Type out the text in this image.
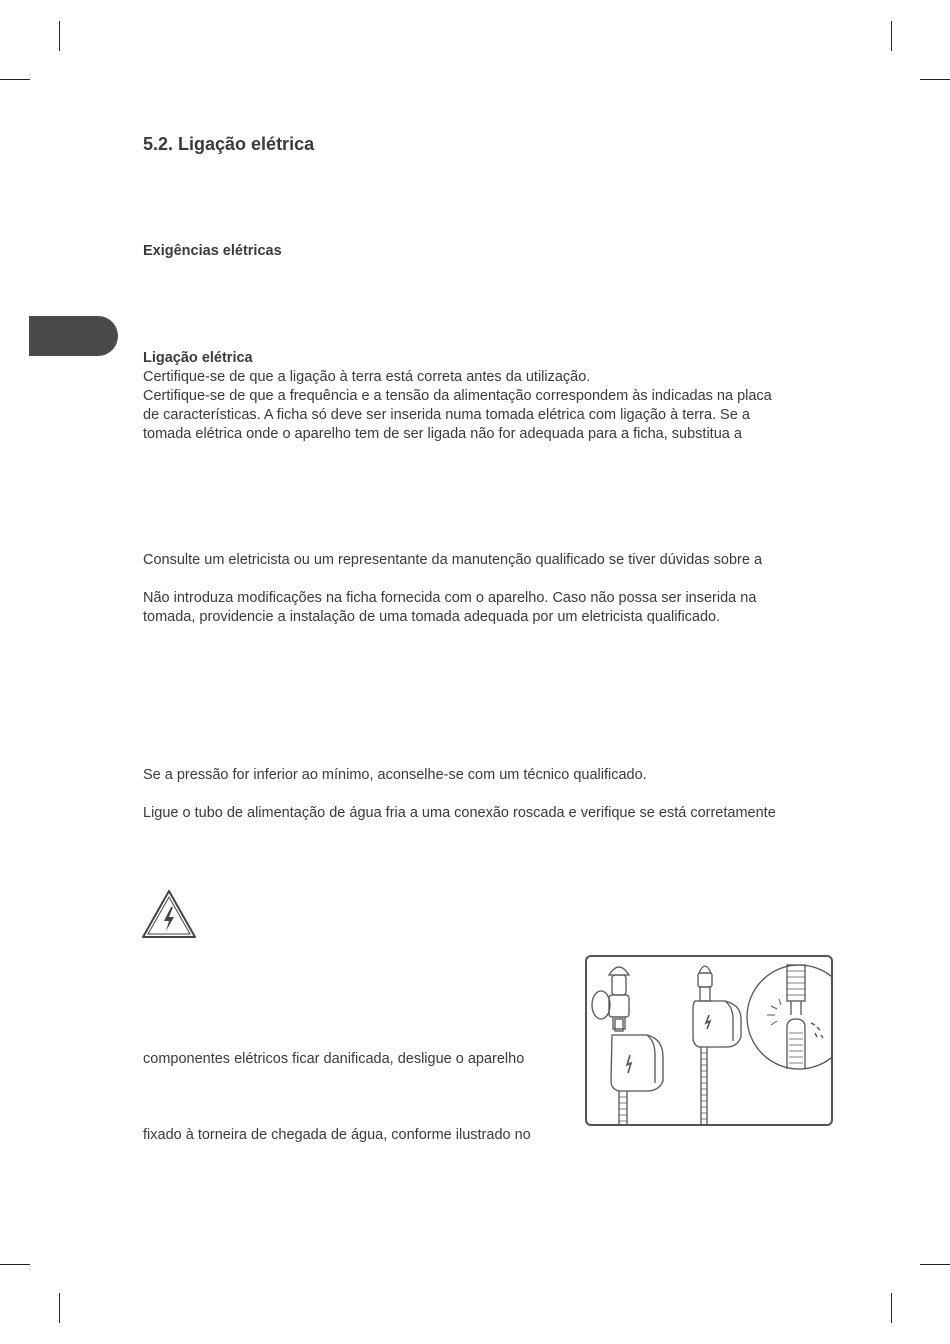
5.2. Ligação elétrica
Exigências elétricas
Ligação elétrica
Certifique-se de que a ligação à terra está correta antes da utilização.
Certifique-se de que a frequência e a tensão da alimentação correspondem às indicadas na placa
de características. A ficha só deve ser inserida numa tomada elétrica com ligação à terra. Se a
tomada elétrica onde o aparelho tem de ser ligada não for adequada para a ficha, substitua a
Consulte um eletricista ou um representante da manutenção qualificado se tiver dúvidas sobre a
Não introduza modificações na ficha fornecida com o aparelho. Caso não possa ser inserida na
tomada, providencie a instalação de uma tomada adequada por um eletricista qualificado.
Se a pressão for inferior ao mínimo, aconselhe-se com um técnico qualificado.
Ligue o tubo de alimentação de água fria a uma conexão roscada e verifique se está corretamente
componentes elétricos ficar danificada, desligue o aparelho
fixado à torneira de chegada de água, conforme ilustrado no
